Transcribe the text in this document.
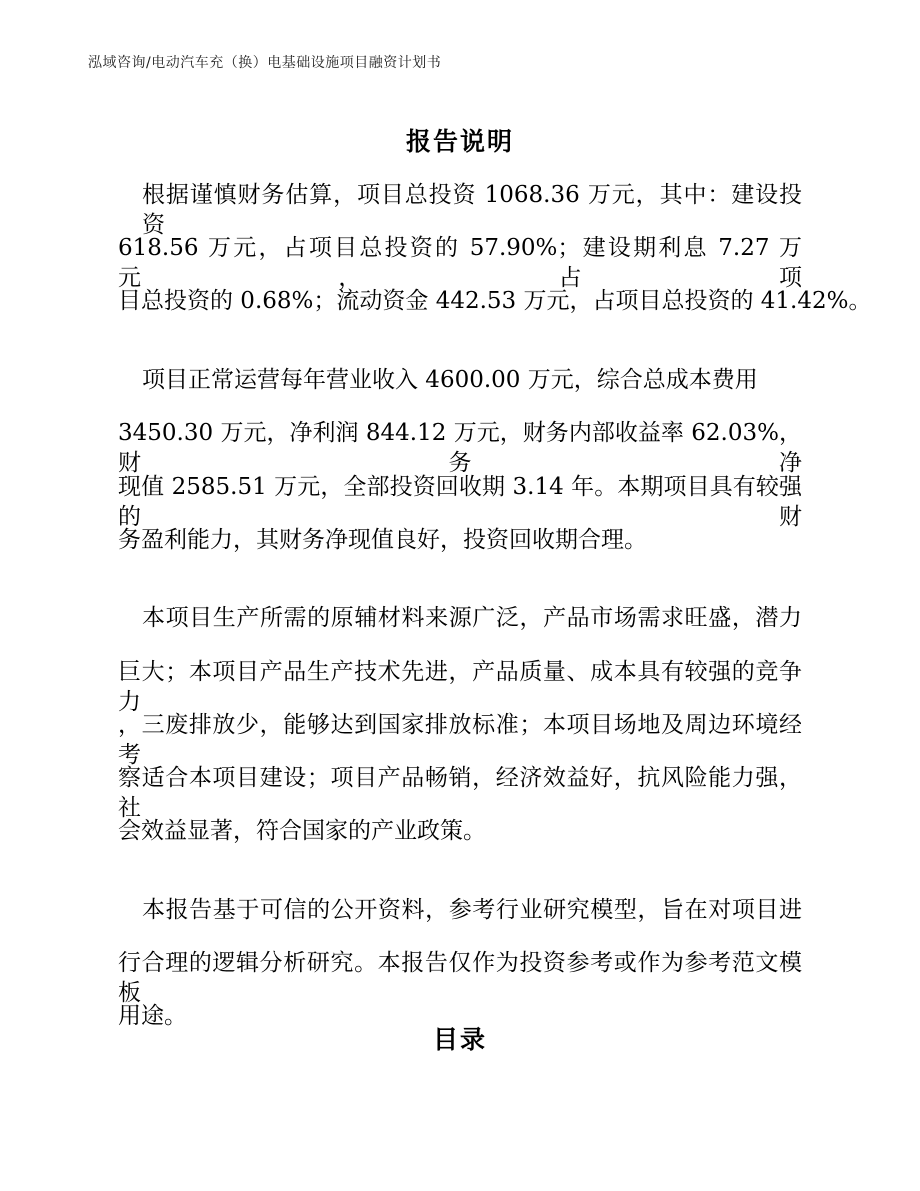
泓域咨询/电动汽车充（换）电基础设施项目融资计划书
报告说明
根据谨慎财务估算，项目总投资 1068.36 万元，其中：建设投资
618.56 万元，占项目总投资的 57.90%；建设期利息 7.27 万元，占项
目总投资的 0.68%；流动资金 442.53 万元，占项目总投资的 41.42%。
项目正常运营每年营业收入 4600.00 万元，综合总成本费用
3450.30 万元，净利润 844.12 万元，财务内部收益率 62.03%，财务净
现值 2585.51 万元，全部投资回收期 3.14 年。本期项目具有较强的财
务盈利能力，其财务净现值良好，投资回收期合理。
本项目生产所需的原辅材料来源广泛，产品市场需求旺盛，潜力
巨大；本项目产品生产技术先进，产品质量、成本具有较强的竞争力
，三废排放少，能够达到国家排放标准；本项目场地及周边环境经考
察适合本项目建设；项目产品畅销，经济效益好，抗风险能力强，社
会效益显著，符合国家的产业政策。
本报告基于可信的公开资料，参考行业研究模型，旨在对项目进
行合理的逻辑分析研究。本报告仅作为投资参考或作为参考范文模板
用途。
目录
